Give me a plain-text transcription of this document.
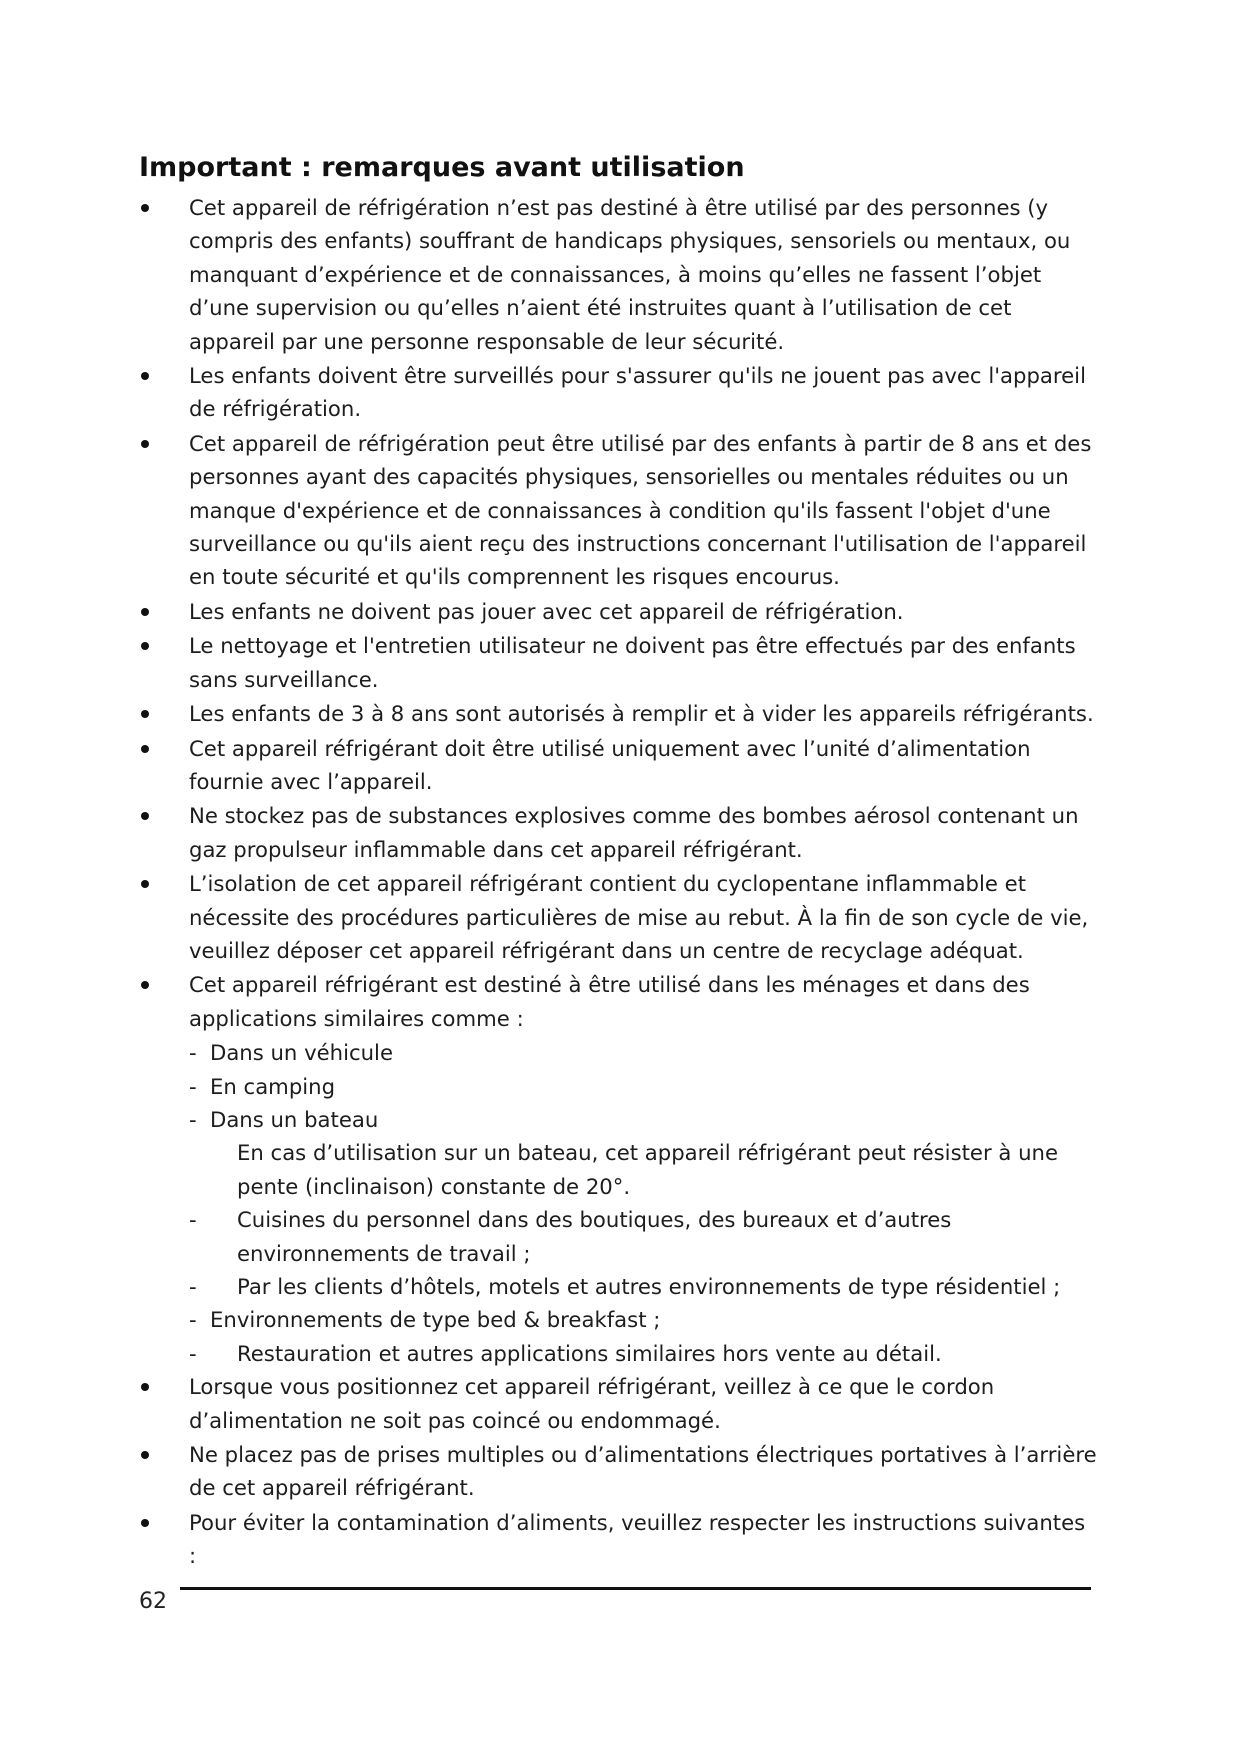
Important : remarques avant utilisation

Cet appareil de réfrigération n’est pas destiné à être utilisé par des personnes (y compris des enfants) souffrant de handicaps physiques, sensoriels ou mentaux, ou manquant d’expérience et de connaissances, à moins qu’elles ne fassent l’objet d’une supervision ou qu’elles n’aient été instruites quant à l’utilisation de cet appareil par une personne responsable de leur sécurité.

Les enfants doivent être surveillés pour s'assurer qu'ils ne jouent pas avec l'appareil de réfrigération.

Cet appareil de réfrigération peut être utilisé par des enfants à partir de 8 ans et des personnes ayant des capacités physiques, sensorielles ou mentales réduites ou un manque d'expérience et de connaissances à condition qu'ils fassent l'objet d'une surveillance ou qu'ils aient reçu des instructions concernant l'utilisation de l'appareil en toute sécurité et qu'ils comprennent les risques encourus.

Les enfants ne doivent pas jouer avec cet appareil de réfrigération.

Le nettoyage et l'entretien utilisateur ne doivent pas être effectués par des enfants sans surveillance.

Les enfants de 3 à 8 ans sont autorisés à remplir et à vider les appareils réfrigérants.

Cet appareil réfrigérant doit être utilisé uniquement avec l’unité d’alimentation fournie avec l’appareil.

Ne stockez pas de substances explosives comme des bombes aérosol contenant un gaz propulseur inflammable dans cet appareil réfrigérant.

L’isolation de cet appareil réfrigérant contient du cyclopentane inflammable et nécessite des procédures particulières de mise au rebut. À la fin de son cycle de vie, veuillez déposer cet appareil réfrigérant dans un centre de recyclage adéquat.

Cet appareil réfrigérant est destiné à être utilisé dans les ménages et dans des applications similaires comme :

- Dans un véhicule

- En camping

- Dans un bateau

En cas d’utilisation sur un bateau, cet appareil réfrigérant peut résister à une pente (inclinaison) constante de 20°.

- Cuisines du personnel dans des boutiques, des bureaux et d’autres environnements de travail ;

- Par les clients d’hôtels, motels et autres environnements de type résidentiel ;

- Environnements de type bed & breakfast ;

- Restauration et autres applications similaires hors vente au détail.

Lorsque vous positionnez cet appareil réfrigérant, veillez à ce que le cordon d’alimentation ne soit pas coincé ou endommagé.

Ne placez pas de prises multiples ou d’alimentations électriques portatives à l’arrière de cet appareil réfrigérant.

Pour éviter la contamination d’aliments, veuillez respecter les instructions suivantes :

62
